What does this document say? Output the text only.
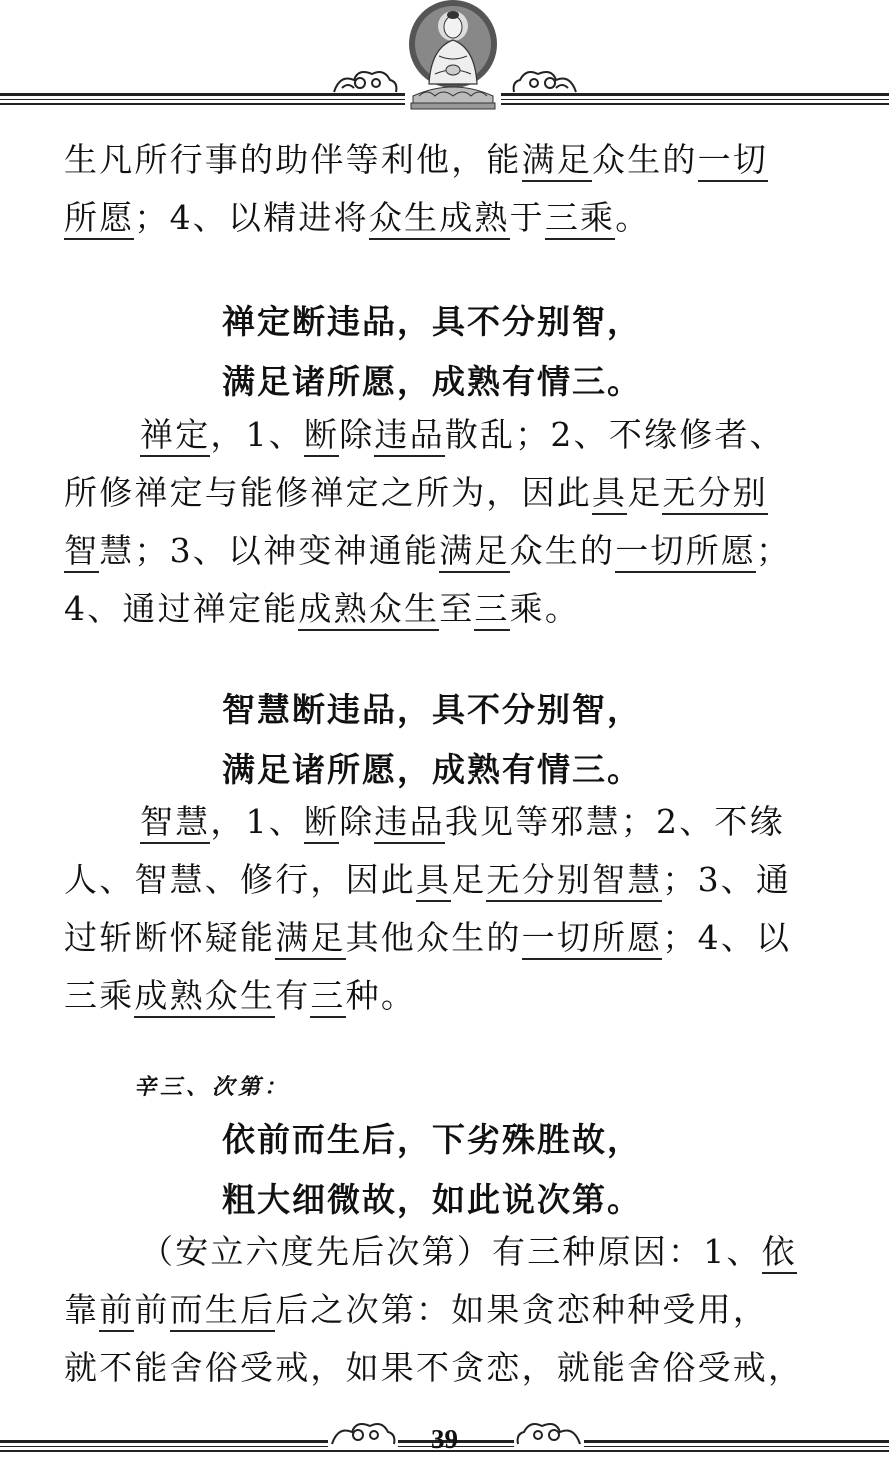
生凡所行事的助伴等利他，能满足众生的一切
所愿；4、以精进将众生成熟于三乘。
禅定断违品，具不分别智，
满足诸所愿，成熟有情三。
禅定，1、断除违品散乱；2、不缘修者、
所修禅定与能修禅定之所为，因此具足无分别
智慧；3、以神变神通能满足众生的一切所愿；
4、通过禅定能成熟众生至三乘。
智慧断违品，具不分别智，
满足诸所愿，成熟有情三。
智慧，1、断除违品我见等邪慧；2、不缘
人、智慧、修行，因此具足无分别智慧；3、通
过斩断怀疑能满足其他众生的一切所愿；4、以
三乘成熟众生有三种。
辛三、次第：
依前而生后，下劣殊胜故，
粗大细微故，如此说次第。
（安立六度先后次第）有三种原因：1、依
靠前前而生后后之次第：如果贪恋种种受用，
就不能舍俗受戒，如果不贪恋，就能舍俗受戒，
39
